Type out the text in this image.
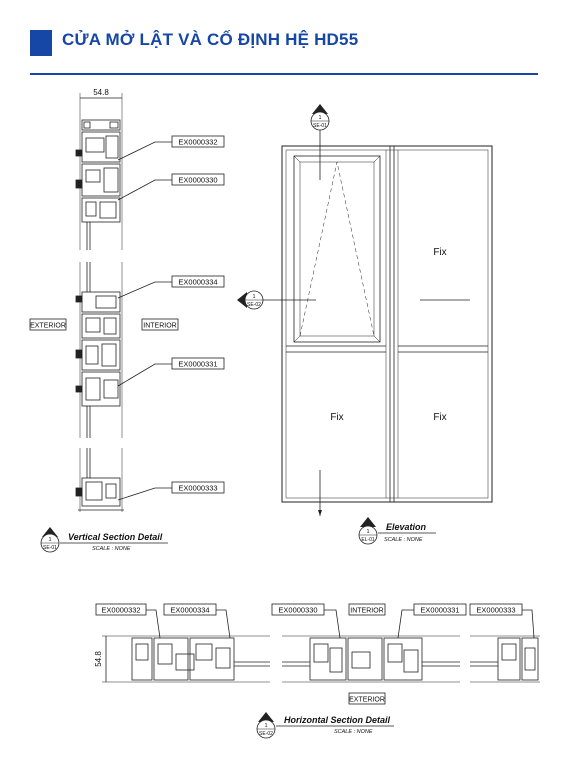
CỬA MỞ LẬT VÀ CỐ ĐỊNH HỆ HD55
54.8
EX0000332
EX0000330
EX0000334
EX0000331
EX0000333
EXTERIOR	INTERIOR
1
SE-01
Vertical Section Detail
SCALE : NONE
1
SE-01
1
SE-02
Fix
Fix	Fix
1
EL-01
Elevation
SCALE : NONE
54.8
EX0000332	EX0000334	EX0000330	EX0000331 EX0000333
INTERIOR
EXTERIOR
1
SE-02
Horizontal Section Detail
SCALE : NONE
